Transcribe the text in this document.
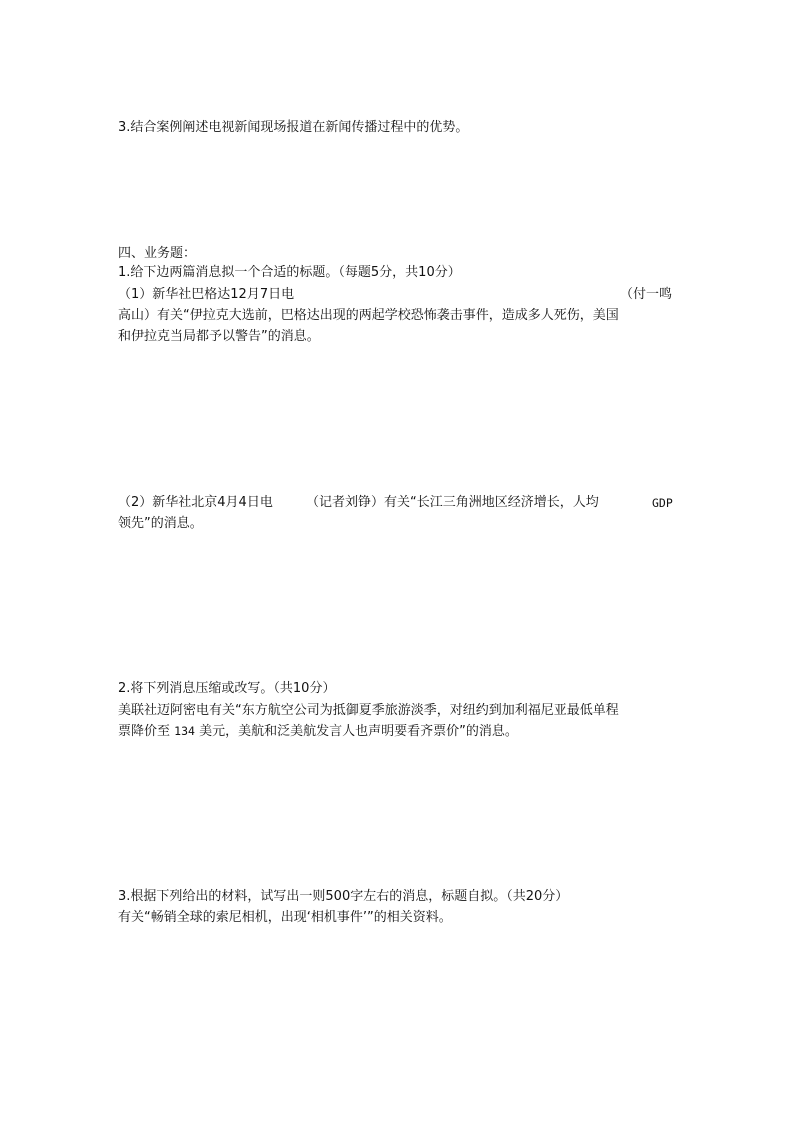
3.结合案例阐述电视新闻现场报道在新闻传播过程中的优势。
四、业务题：
1.给下边两篇消息拟一个合适的标题。（每题5分，共10分）
（1）新华社巴格达12月7日电	（付一鸣
高山）有关“伊拉克大选前，巴格达出现的两起学校恐怖袭击事件，造成多人死伤，美国
和伊拉克当局都予以警告”的消息。
（2）新华社北京4月4日电	（记者刘铮）有关“长江三角洲地区经济增长，人均	GDP
领先”的消息。
2.将下列消息压缩或改写。（共10分）
美联社迈阿密电有关“东方航空公司为抵御夏季旅游淡季，对纽约到加利福尼亚最低单程
票降价至 134 美元，美航和泛美航发言人也声明要看齐票价”的消息。
3.根据下列给出的材料，试写出一则500字左右的消息，标题自拟。（共20分）
有关“畅销全球的索尼相机，出现‘相机事件’”的相关资料。
